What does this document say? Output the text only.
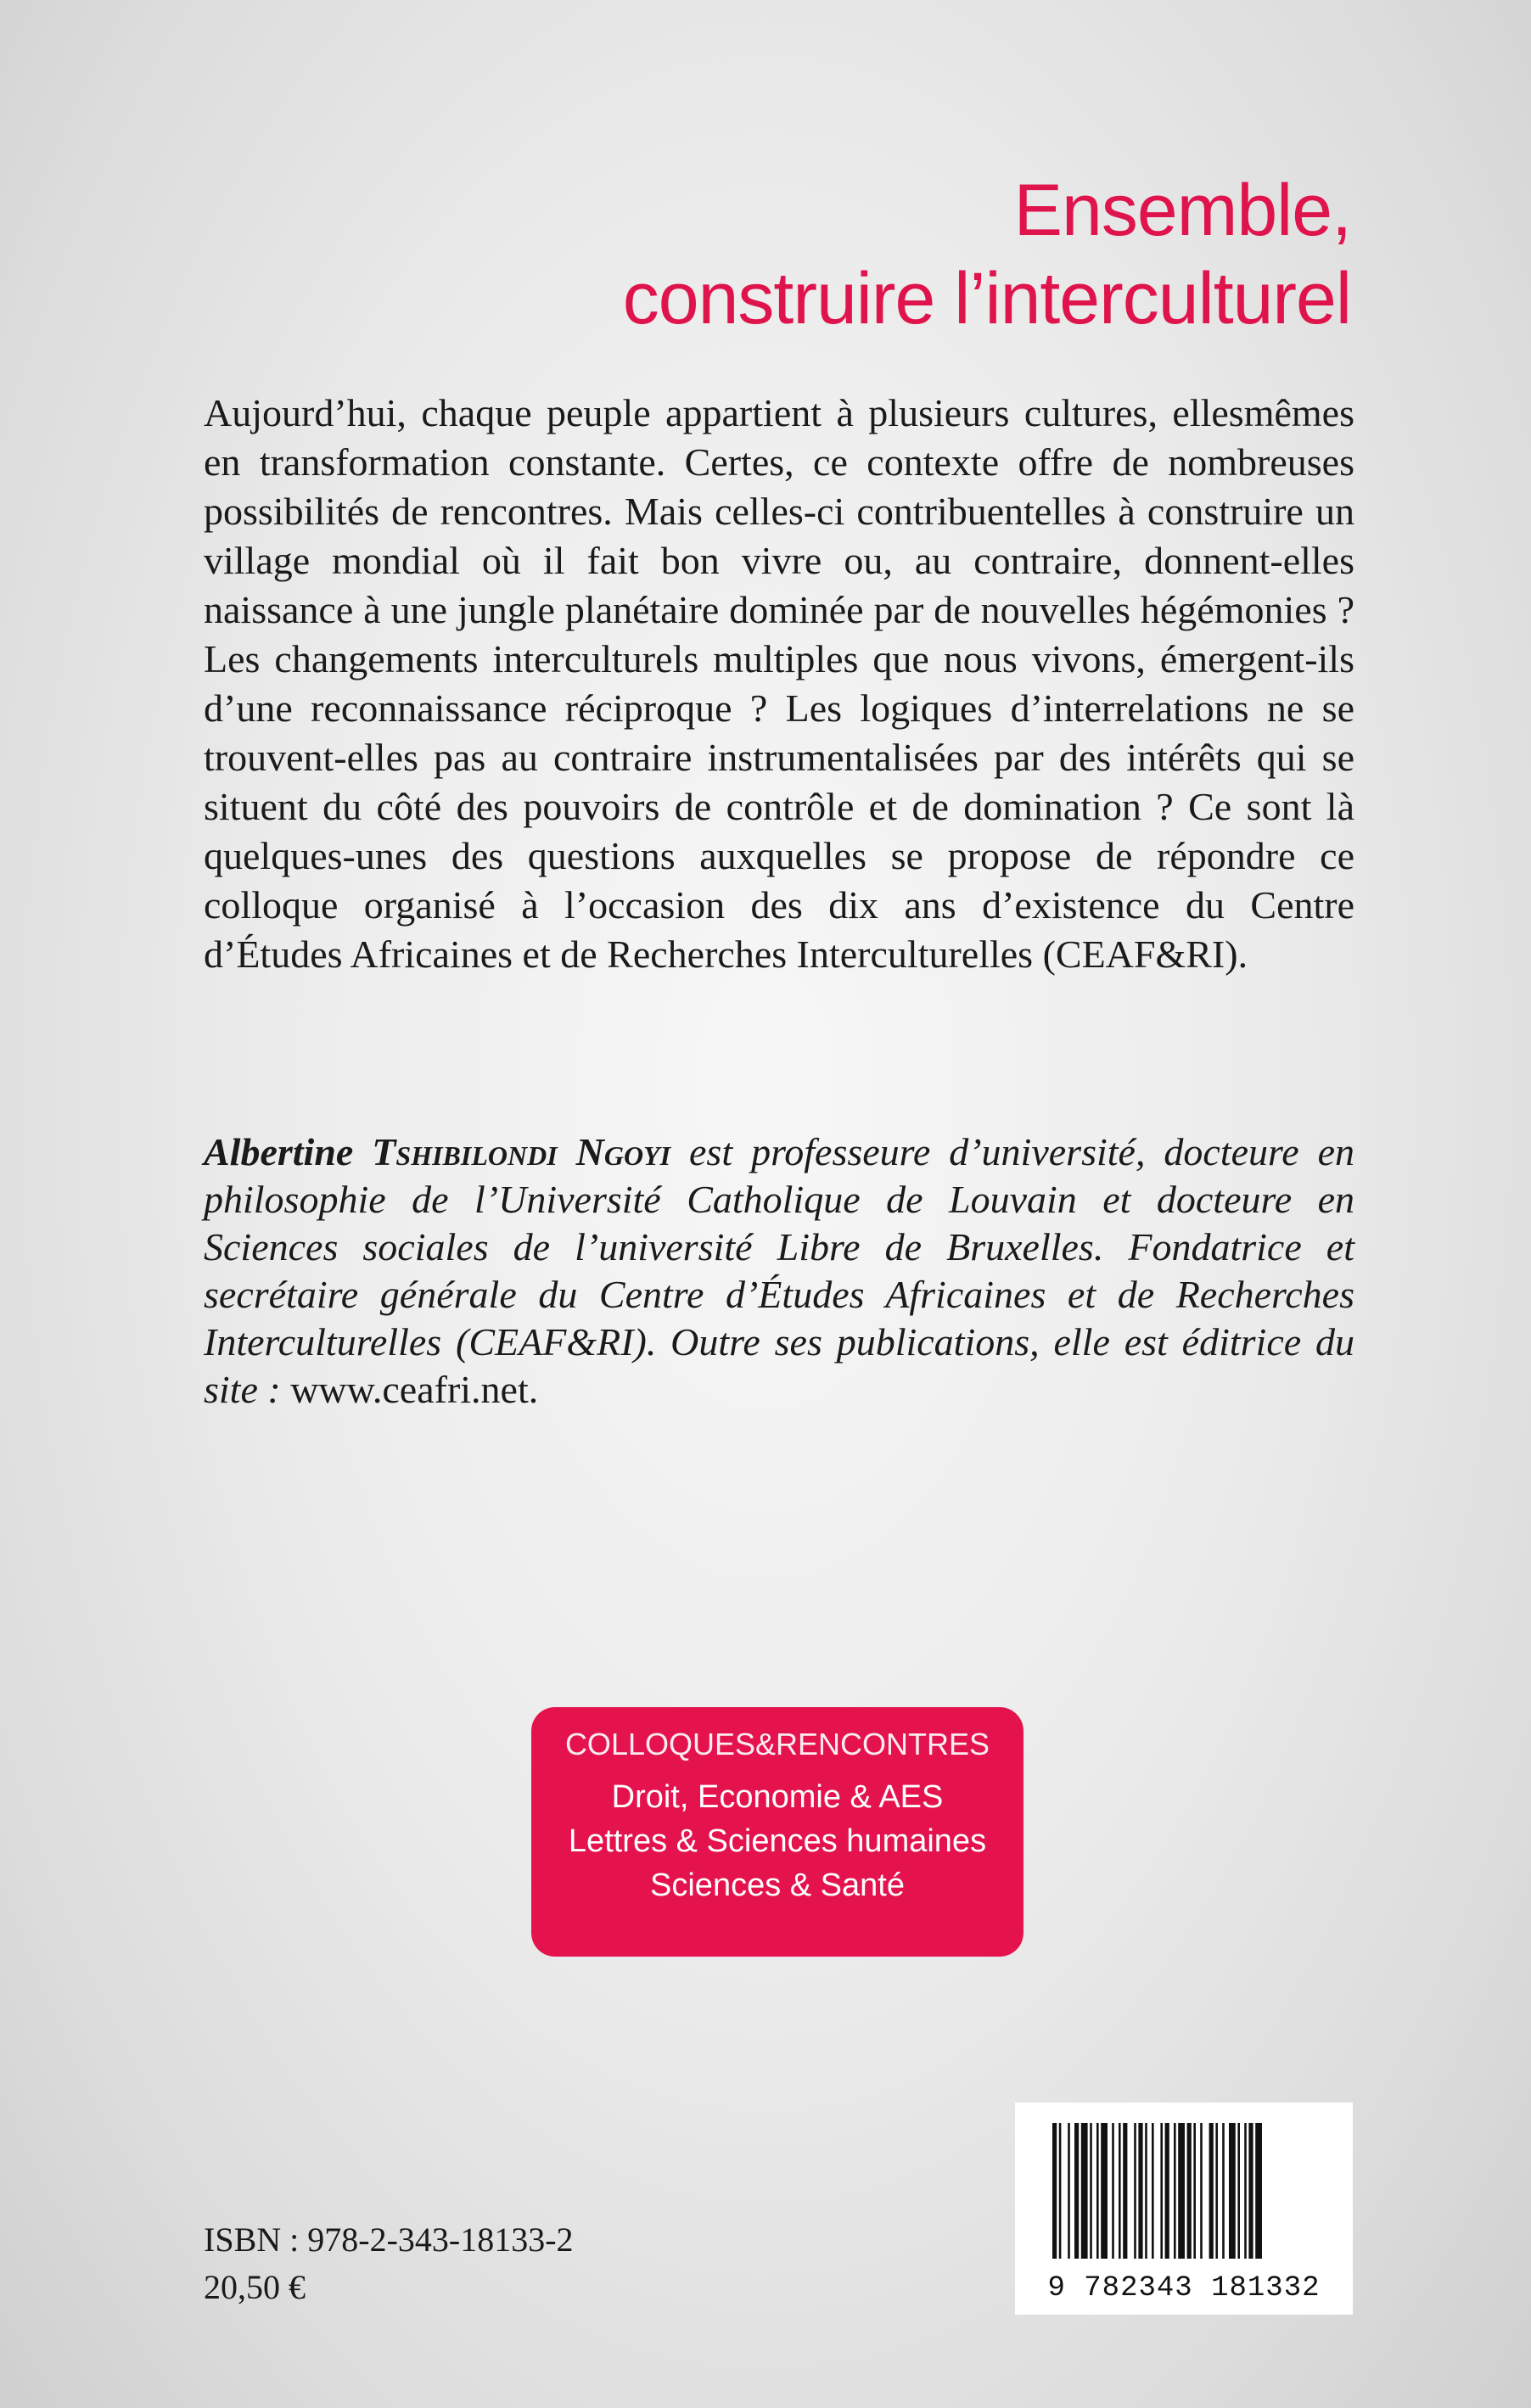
Ensemble,
construire l’interculturel

Aujourd’hui, chaque peuple appartient à plusieurs cultures, ellesmêmes en transformation constante. Certes, ce contexte offre de nombreuses possibilités de rencontres. Mais celles-ci contribuentelles à construire un village mondial où il fait bon vivre ou, au contraire, donnent-elles naissance à une jungle planétaire dominée par de nouvelles hégémonies ? Les changements interculturels multiples que nous vivons, émergent-ils d’une reconnaissance réciproque ? Les logiques d’interrelations ne se trouvent-elles pas au contraire instrumentalisées par des intérêts qui se situent du côté des pouvoirs de contrôle et de domination ? Ce sont là quelques-unes des questions auxquelles se propose de répondre ce colloque organisé à l’occasion des dix ans d’existence du Centre d’Études Africaines et de Recherches Interculturelles (CEAF&RI).

Albertine Tshibilondi Ngoyi est professeure d’université, docteure en philosophie de l’Université Catholique de Louvain et docteure en Sciences sociales de l’université Libre de Bruxelles. Fondatrice et secrétaire générale du Centre d’Études Africaines et de Recherches Interculturelles (CEAF&RI). Outre ses publications, elle est éditrice du site : www.ceafri.net.

COLLOQUES&RENCONTRES
Droit, Economie & AES
Lettres & Sciences humaines
Sciences & Santé
ISBN : 978-2-343-18133-2
20,50 €	9 782343 181332
